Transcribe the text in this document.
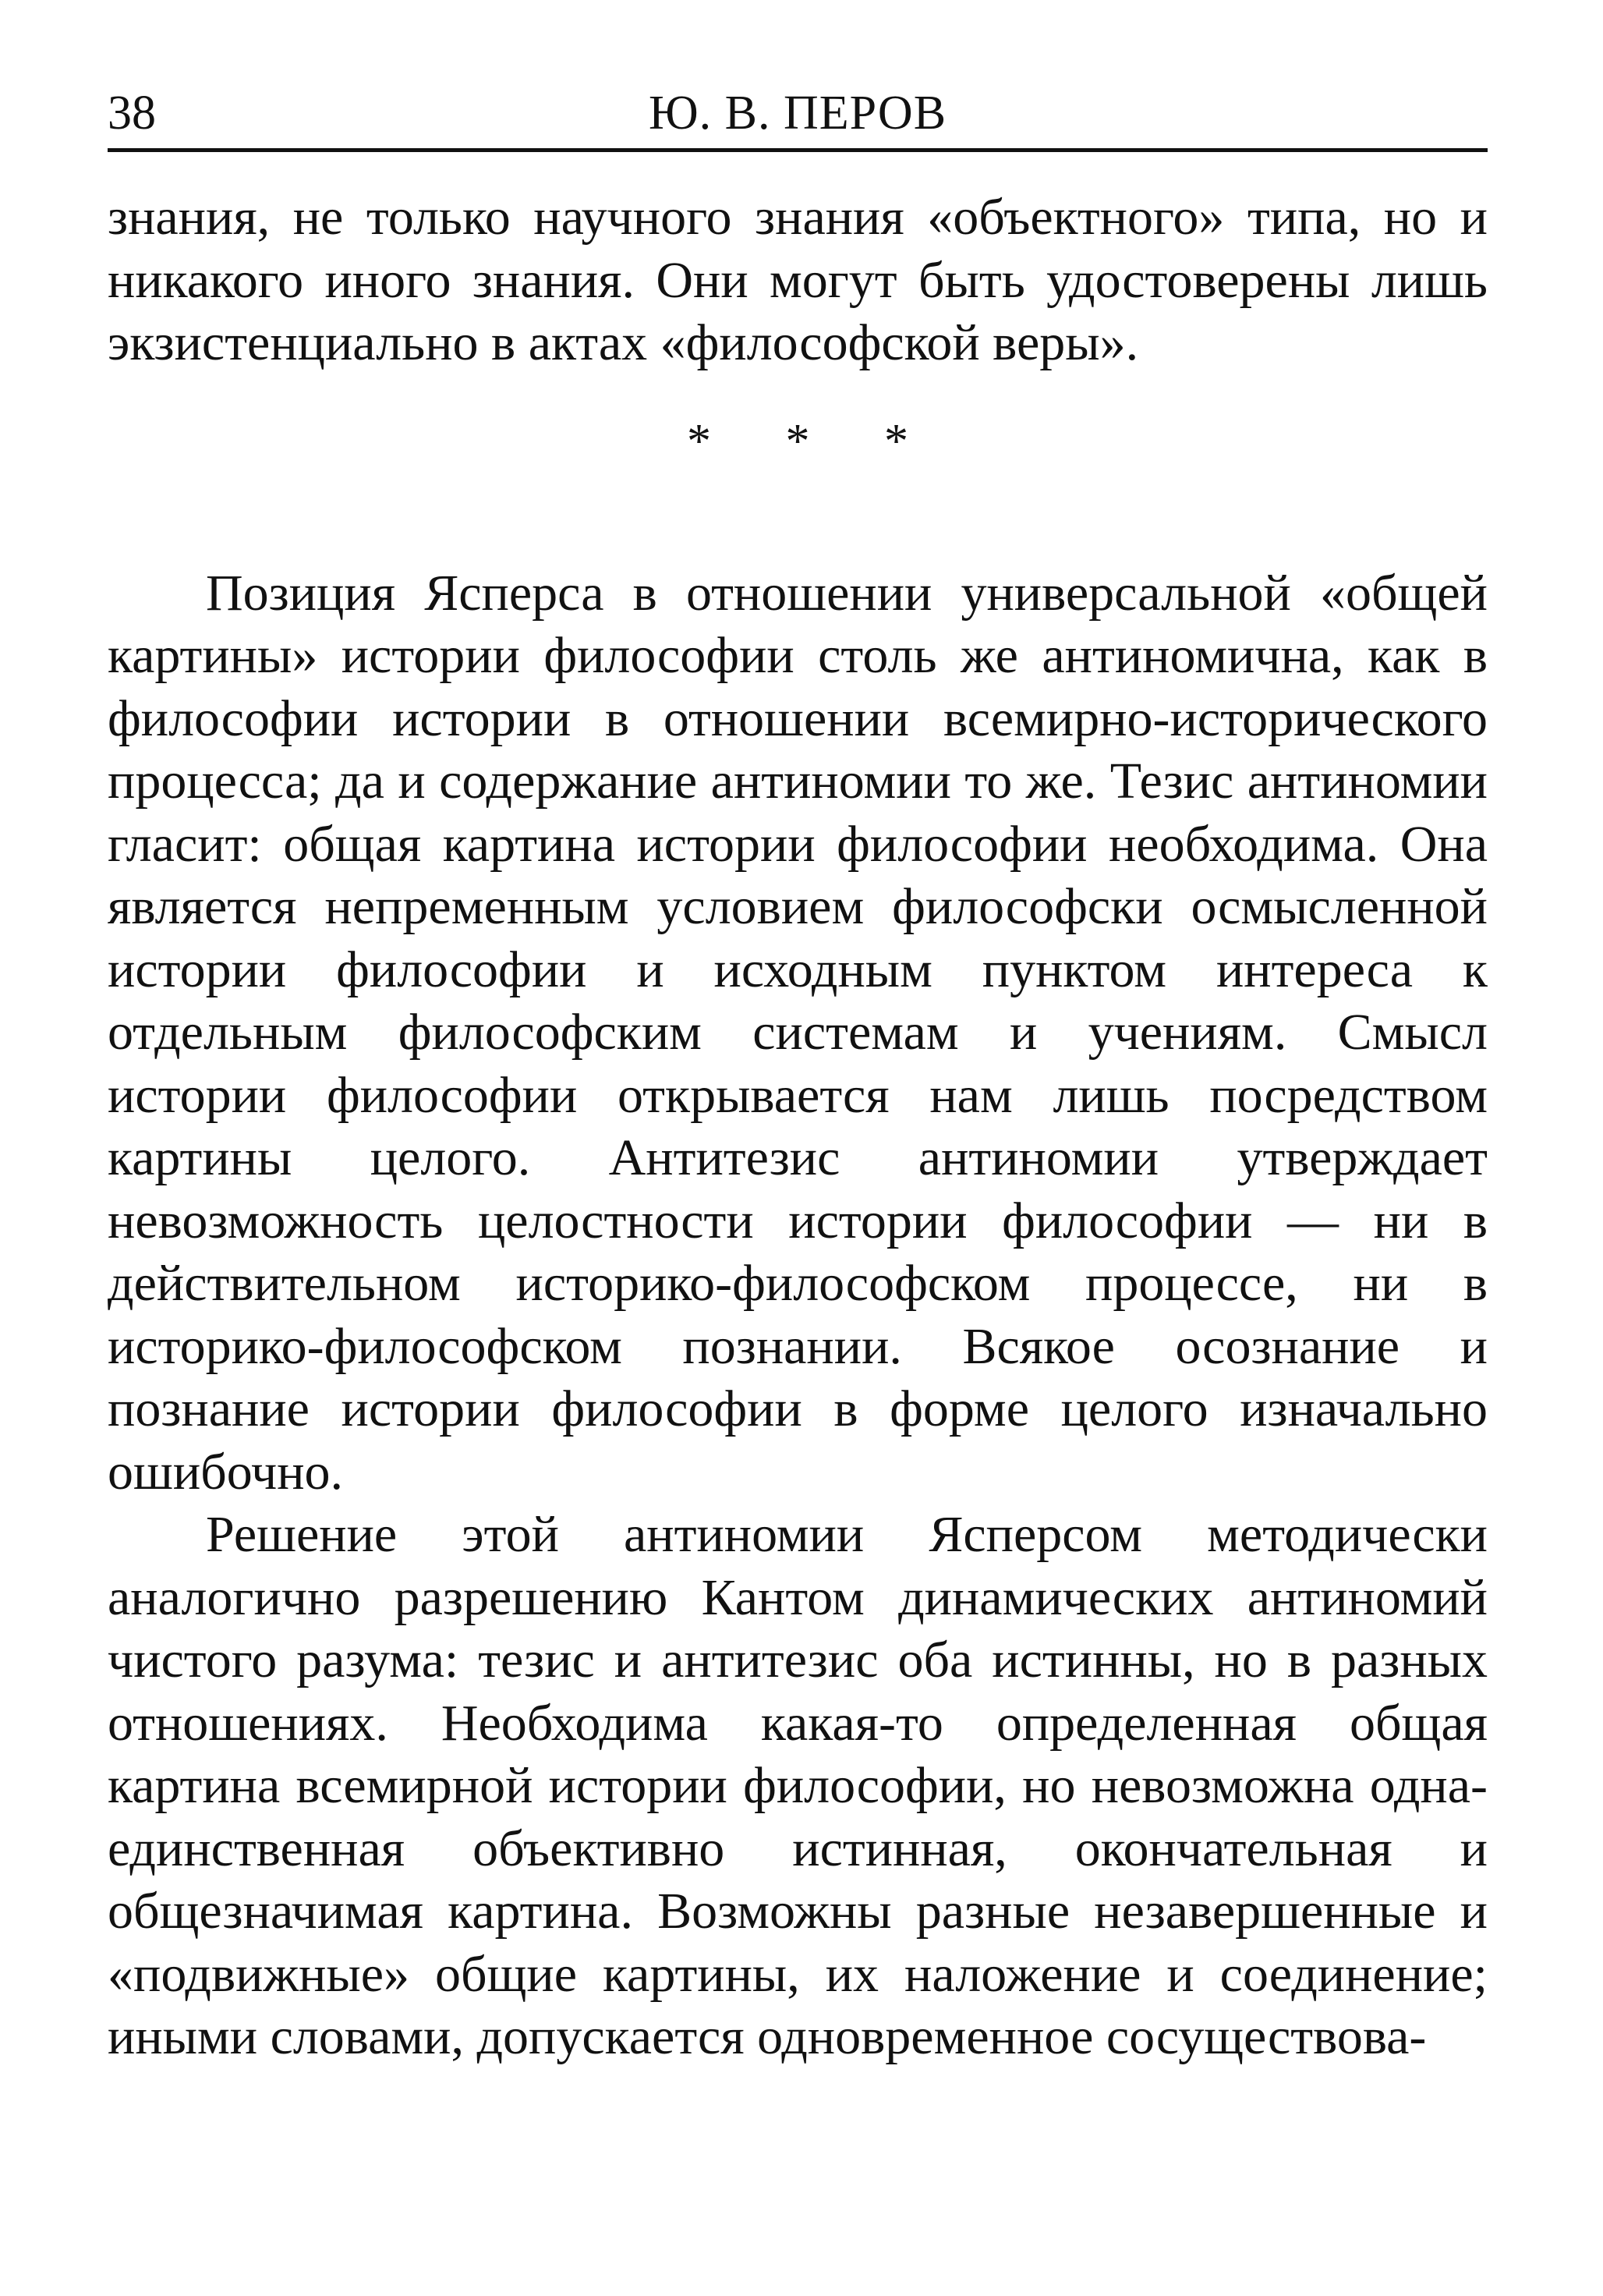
38	Ю. В. ПЕРОВ

знания, не только научного знания «объектного» типа, но и никакого иного знания. Они могут быть удостоверены лишь экзистенциально в актах «философской веры».

* * *

Позиция Ясперса в отношении универсальной «общей картины» истории философии столь же антиномична, как в философии истории в отношении всемирно-исторического процесса; да и содержание антиномии то же. Тезис антиномии гласит: общая картина истории философии необходима. Она является непременным условием философски осмысленной истории философии и исходным пунктом интереса к отдельным философским системам и учениям. Смысл истории философии открывается нам лишь посредством картины целого. Антитезис антиномии утверждает невозможность целостности истории философии — ни в действительном историко-философском процессе, ни в историко-философском познании. Всякое осознание и познание истории философии в форме целого изначально ошибочно.

Решение этой антиномии Ясперсом методически аналогично разрешению Кантом динамических антиномий чистого разума: тезис и антитезис оба истинны, но в разных отношениях. Необходима какая-то определенная общая картина всемирной истории философии, но невозможна одна-единственная объективно истинная, окончательная и общезначимая картина. Возможны разные незавершенные и «подвижные» общие картины, их наложение и соединение; иными словами, допускается одновременное сосуществова-
